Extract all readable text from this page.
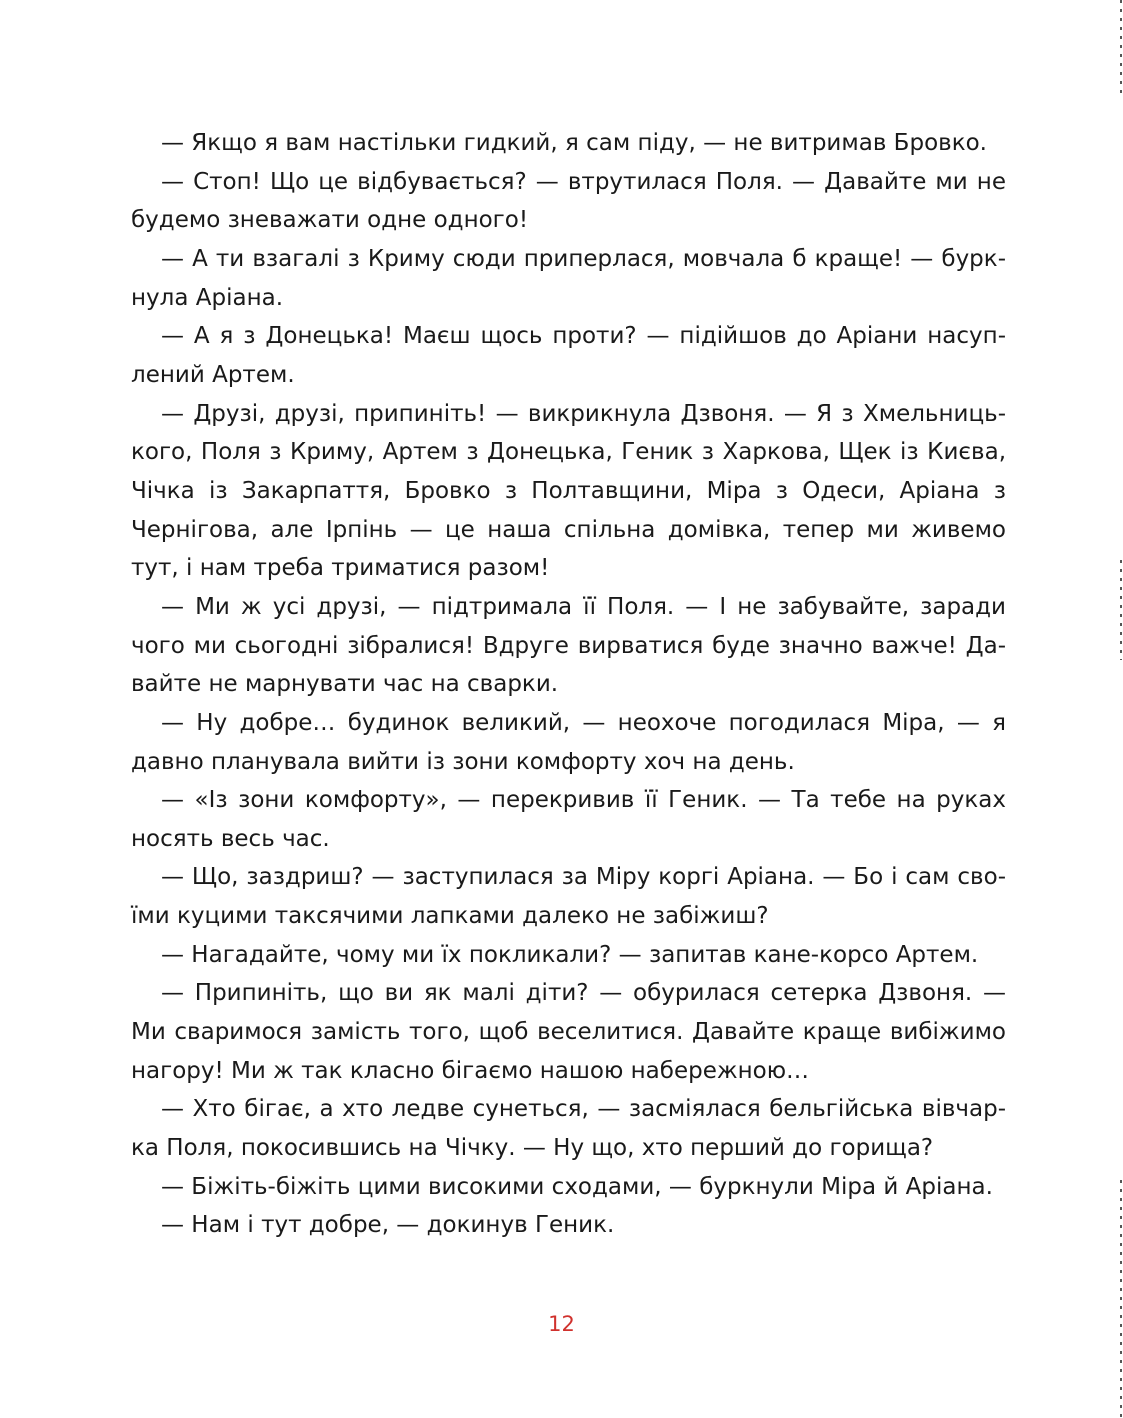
— Якщо я вам настільки гидкий, я сам піду, — не витримав Бровко.

— Стоп! Що це відбувається? — втрутилася Поля. — Давайте ми не будемо зневажати одне одного!

— А ти взагалі з Криму сюди приперлася, мовчала б краще! — буркнула Аріана.

— А я з Донецька! Маєш щось проти? — підійшов до Аріани насуплений Артем.

— Друзі, друзі, припиніть! — викрикнула Дзвоня. — Я з Хмельницького, Поля з Криму, Артем з Донецька, Геник з Харкова, Щек із Києва, Чічка із Закарпаття, Бровко з Полтавщини, Міра з Одеси, Аріана з Чернігова, але Ірпінь — це наша спільна домівка, тепер ми живемо тут, і нам треба триматися разом!

— Ми ж усі друзі, — підтримала її Поля. — І не забувайте, заради чого ми сьогодні зібралися! Вдруге вирватися буде значно важче! Давайте не марнувати час на сварки.

— Ну добре… будинок великий, — неохоче погодилася Міра, — я давно планувала вийти із зони комфорту хоч на день.

— «Із зони комфорту», — перекривив її Геник. — Та тебе на руках носять весь час.

— Що, заздриш? — заступилася за Міру коргі Аріана. — Бо і сам своїми куцими таксячими лапками далеко не забіжиш?

— Нагадайте, чому ми їх покликали? — запитав кане-корсо Артем.

— Припиніть, що ви як малі діти? — обурилася сетерка Дзвоня. — Ми сваримося замість того, щоб веселитися. Давайте краще вибіжимо нагору! Ми ж так класно бігаємо нашою набережною…

— Хто бігає, а хто ледве сунеться, — засміялася бельгійська вівчарка Поля, покосившись на Чічку. — Ну що, хто перший до горища?

— Біжіть-біжіть цими високими сходами, — буркнули Міра й Аріана.

— Нам і тут добре, — докинув Геник.

12
